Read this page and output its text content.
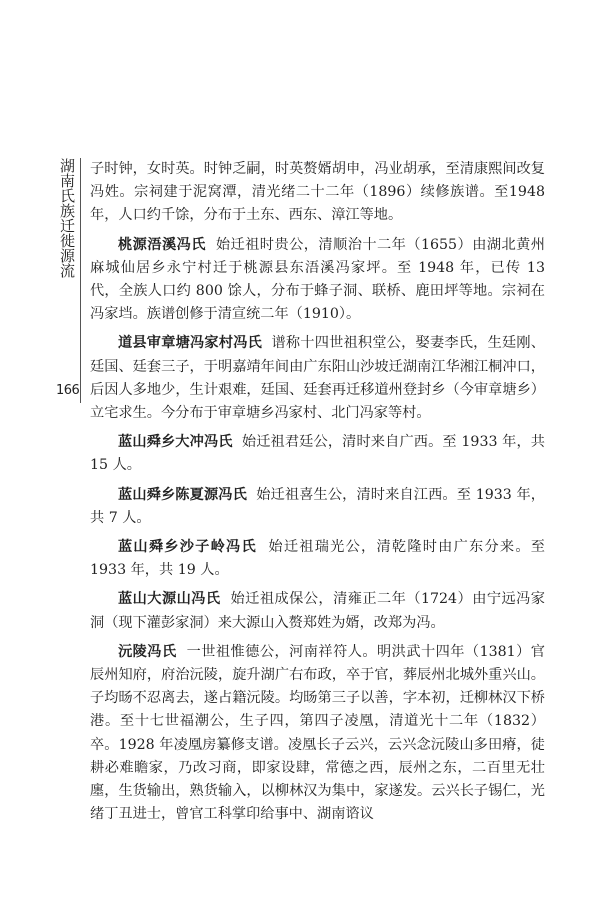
湖南氏族迁徙源流
166

子时钟，女时英。时钟乏嗣，时英赘婿胡申，冯业胡承，至清康熙间改复冯姓。宗祠建于泥窝潭，清光绪二十二年（1896）续修族谱。至1948 年，人口约千馀，分布于土东、西东、漳江等地。

桃源浯溪冯氏 始迁祖时贵公，清顺治十二年（1655）由湖北黄州麻城仙居乡永宁村迁于桃源县东浯溪冯家坪。至 1948 年，已传 13 代，全族人口约 800 馀人，分布于蜂子洞、联桥、鹿田坪等地。宗祠在冯家垱。族谱创修于清宣统二年（1910）。

道县审章塘冯家村冯氏 谱称十四世祖积堂公，娶妻李氏，生廷刚、廷国、廷套三子，于明嘉靖年间由广东阳山沙坡迁湖南江华湘江桐冲口，后因人多地少，生计艰难，廷国、廷套再迁移道州登封乡（今审章塘乡）立宅求生。今分布于审章塘乡冯家村、北门冯家等村。

蓝山舜乡大冲冯氏 始迁祖君廷公，清时来自广西。至 1933 年，共 15 人。

蓝山舜乡陈夏源冯氏 始迁祖喜生公，清时来自江西。至 1933 年，共 7 人。

蓝山舜乡沙子岭冯氏 始迁祖瑞光公，清乾隆时由广东分来。至 1933 年，共 19 人。

蓝山大源山冯氏 始迁祖成保公，清雍正二年（1724）由宁远冯家洞（现下灌彭家洞）来大源山入赘郑姓为婿，改郑为冯。

沅陵冯氏 一世祖惟德公，河南祥符人。明洪武十四年（1381）官辰州知府，府治沅陵，旋升湖广右布政，卒于官，葬辰州北城外重兴山。子均旸不忍离去，遂占籍沅陵。均旸第三子以善，字本初，迁柳林汉下桥港。至十七世福潮公，生子四，第四子凌凰，清道光十二年（1832）卒。1928 年凌凰房纂修支谱。凌凰长子云兴，云兴念沅陵山多田瘠，徒耕必难瞻家，乃改习商，即家设肆，常德之西，辰州之东，二百里无壮廛，生货输出，熟货输入，以柳林汉为集中，家遂发。云兴长子锡仁，光绪丁丑进士，曾官工科掌印给事中、湖南谘议
